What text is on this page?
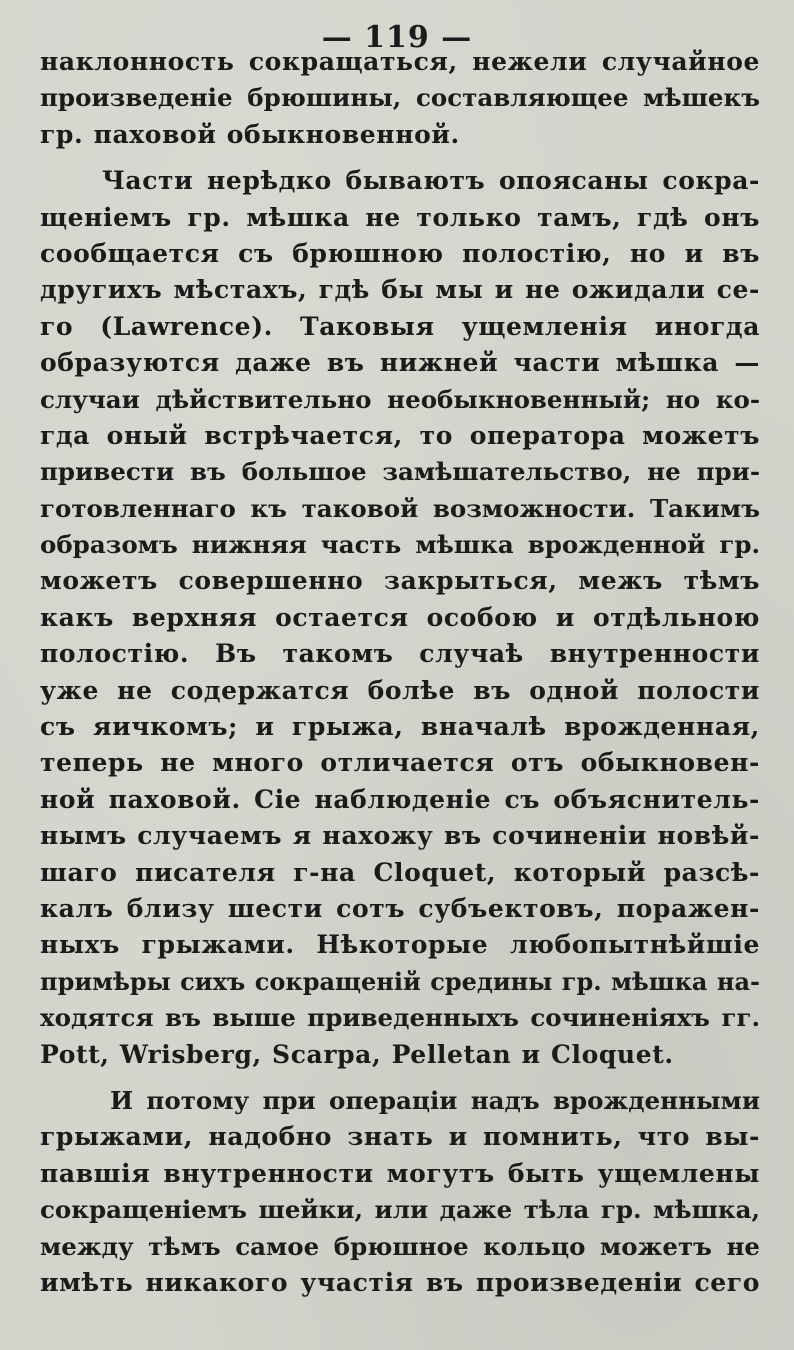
— 119 —
наклонность сокращаться, нежели случайное
произведеніе брюшины, составляющее мѣшекъ
гр. паховой обыкновенной.
Части нерѣдко бываютъ опоясаны сокра-
щеніемъ гр. мѣшка не только тамъ, гдѣ онъ
сообщается съ брюшною полостію, но и въ
другихъ мѣстахъ, гдѣ бы мы и не ожидали се-
го (Lawrence). Таковыя ущемленія иногда
образуются даже въ нижней части мѣшка —
случаи дѣйствительно необыкновенный; но ко-
гда оный встрѣчается, то оператора можетъ
привести въ большое замѣшательство, не при-
готовленнаго къ таковой возможности. Такимъ
образомъ нижняя часть мѣшка врожденной гр.
можетъ совершенно закрыться, межъ тѣмъ
какъ верхняя остается особою и отдѣльною
полостію. Въ такомъ случаѣ внутренности
уже не содержатся болѣе въ одной полости
съ яичкомъ; и грыжа, вначалѣ врожденная,
теперь не много отличается отъ обыкновен-
ной паховой. Сіе наблюденіе съ объяснитель-
нымъ случаемъ я нахожу въ сочиненіи новѣй-
шаго писателя г-на Cloquet, который разсѣ-
калъ близу шести сотъ субъектовъ, поражен-
ныхъ грыжами. Нѣкоторые любопытнѣйшіе
примѣры сихъ сокращеній средины гр. мѣшка на-
ходятся въ выше приведенныхъ сочиненіяхъ гг.
Pott, Wrisberg, Scarpa, Pelletan и Cloquet.
И потому при операціи надъ врожденными
грыжами, надобно знать и помнить, что вы-
павшія внутренности могутъ быть ущемлены
сокращеніемъ шейки, или даже тѣла гр. мѣшка,
между тѣмъ самое брюшное кольцо можетъ не
имѣть никакого участія въ произведеніи сего
